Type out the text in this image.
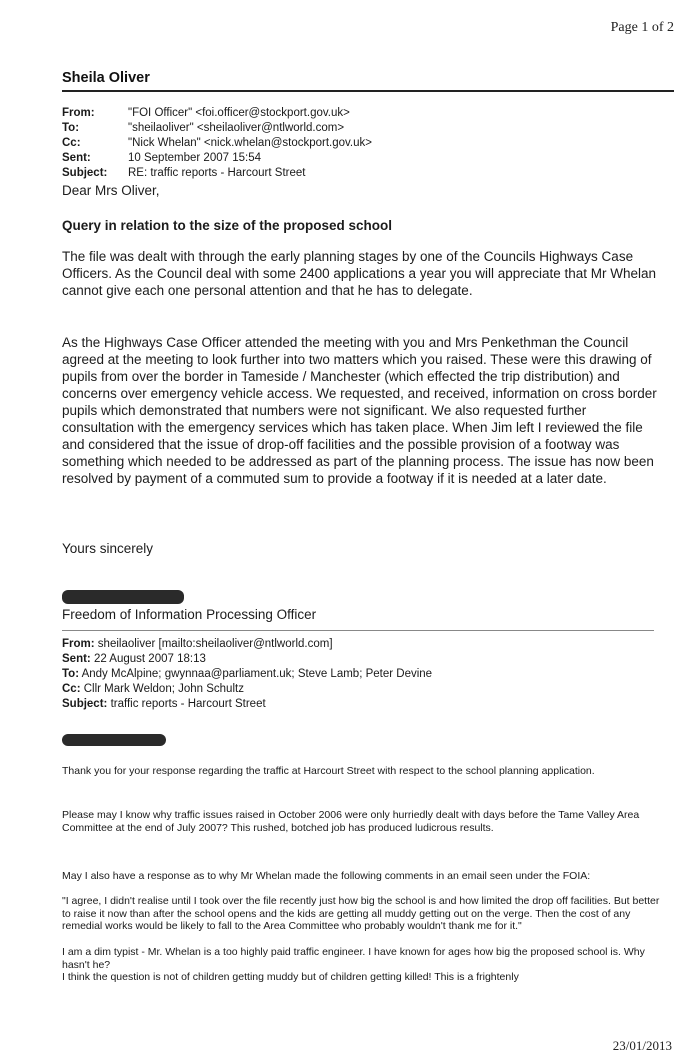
Page 1 of 2
Sheila Oliver
From:	"FOI Officer" <foi.officer@stockport.gov.uk>
To:	"sheilaoliver" <sheilaoliver@ntlworld.com>
Cc:	"Nick Whelan" <nick.whelan@stockport.gov.uk>
Sent:	10 September 2007 15:54
Subject:	RE: traffic reports - Harcourt Street
Dear Mrs Oliver,
Query in relation to the size of the proposed school

The file was dealt with through the early planning stages by one of the Councils Highways Case Officers. As the Council deal with some 2400 applications a year you will appreciate that Mr Whelan cannot give each one personal attention and that he has to delegate.

As the Highways Case Officer attended the meeting with you and Mrs Penkethman the Council agreed at the meeting to look further into two matters which you raised. These were this drawing of pupils from over the border in Tameside / Manchester (which effected the trip distribution) and concerns over emergency vehicle access. We requested, and received, information on cross border pupils which demonstrated that numbers were not significant. We also requested further consultation with the emergency services which has taken place. When Jim left I reviewed the file and considered that the issue of drop-off facilities and the possible provision of a footway was something which needed to be addressed as part of the planning process. The issue has now been resolved by payment of a commuted sum to provide a footway if it is needed at a later date.

Yours sincerely
Freedom of Information Processing Officer
From: sheilaoliver [mailto:sheilaoliver@ntlworld.com]
Sent: 22 August 2007 18:13
To: Andy McAlpine; gwynnaa@parliament.uk; Steve Lamb; Peter Devine
Cc: Cllr Mark Weldon; John Schultz
Subject: traffic reports - Harcourt Street

Thank you for your response regarding the traffic at Harcourt Street with respect to the school planning application.

Please may I know why traffic issues raised in October 2006 were only hurriedly dealt with days before the Tame Valley Area Committee at the end of July 2007? This rushed, botched job has produced ludicrous results.

May I also have a response as to why Mr Whelan made the following comments in an email seen under the FOIA:

"I agree, I didn't realise until I took over the file recently just how big the school is and how limited the drop off facilities. But better to raise it now than after the school opens and the kids are getting all muddy getting out on the verge. Then the cost of any remedial works would be likely to fall to the Area Committee who probably wouldn't thank me for it."

I am a dim typist - Mr. Whelan is a too highly paid traffic engineer. I have known for ages how big the proposed school is. Why hasn't he?

I think the question is not of children getting muddy but of children getting killed! This is a frightenly

23/01/2013
